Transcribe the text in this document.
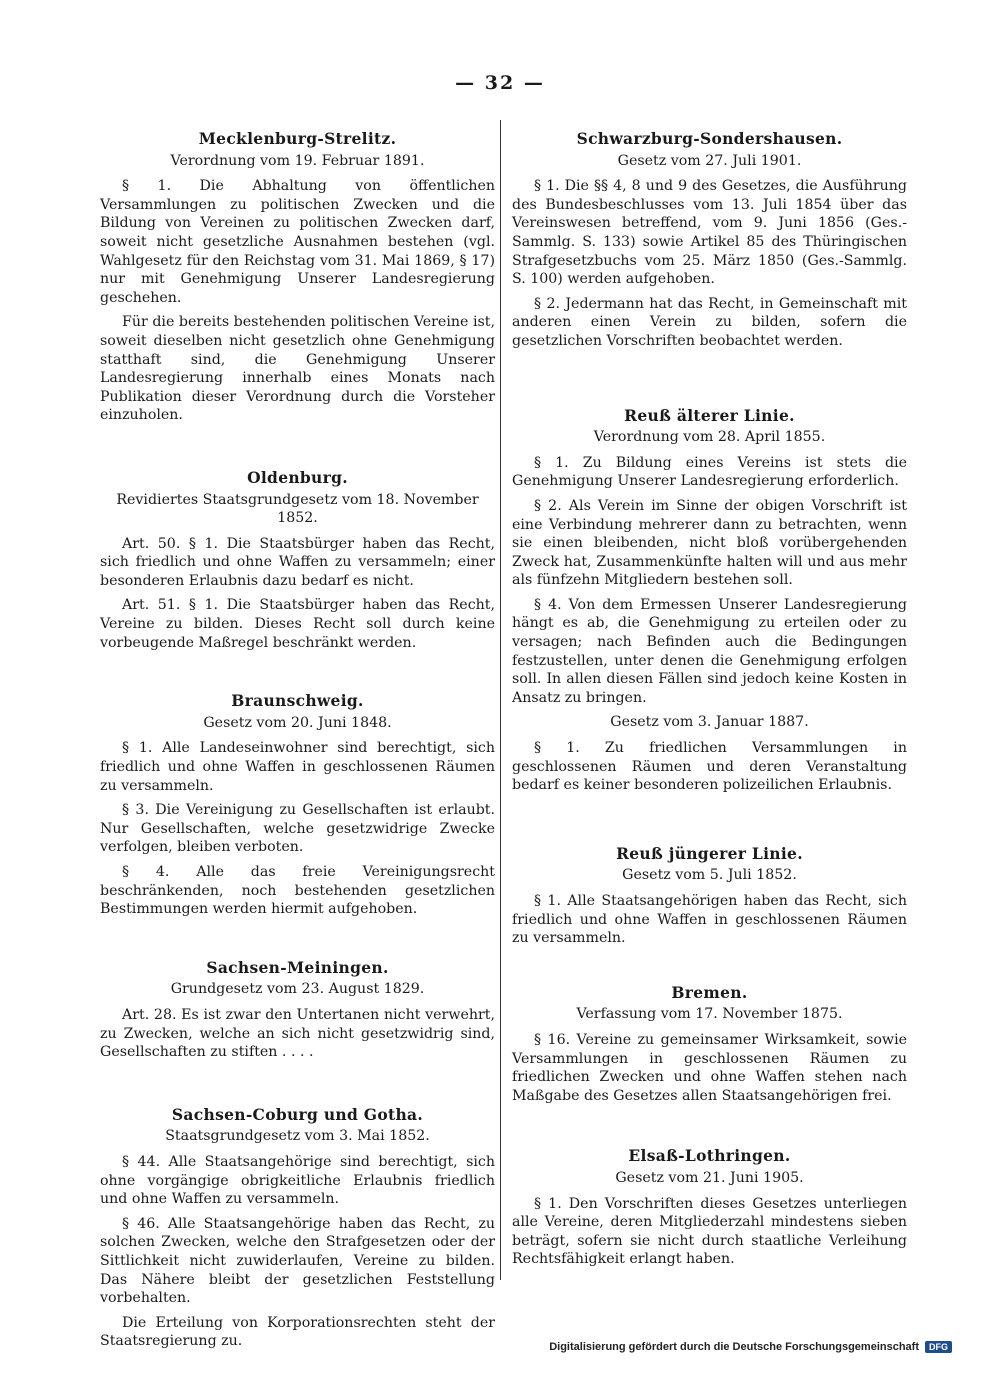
— 32 —
Mecklenburg-Strelitz.
Verordnung vom 19. Februar 1891.

§ 1. Die Abhaltung von öffentlichen Versammlungen zu politischen Zwecken und die Bildung von Vereinen zu politischen Zwecken darf, soweit nicht gesetzliche Ausnahmen bestehen (vgl. Wahlgesetz für den Reichstag vom 31. Mai 1869, § 17) nur mit Genehmigung Unserer Landesregierung geschehen.

Für die bereits bestehenden politischen Vereine ist, soweit dieselben nicht gesetzlich ohne Genehmigung statthaft sind, die Genehmigung Unserer Landesregierung innerhalb eines Monats nach Publikation dieser Verordnung durch die Vorsteher einzuholen.

Oldenburg.
Revidiertes Staatsgrundgesetz vom 18. November 1852.

Art. 50. § 1. Die Staatsbürger haben das Recht, sich friedlich und ohne Waffen zu versammeln; einer besonderen Erlaubnis dazu bedarf es nicht.

Art. 51. § 1. Die Staatsbürger haben das Recht, Vereine zu bilden. Dieses Recht soll durch keine vorbeugende Maßregel beschränkt werden.

Braunschweig.
Gesetz vom 20. Juni 1848.

§ 1. Alle Landeseinwohner sind berechtigt, sich friedlich und ohne Waffen in geschlossenen Räumen zu versammeln.

§ 3. Die Vereinigung zu Gesellschaften ist erlaubt. Nur Gesellschaften, welche gesetzwidrige Zwecke verfolgen, bleiben verboten.

§ 4. Alle das freie Vereinigungsrecht beschränkenden, noch bestehenden gesetzlichen Bestimmungen werden hiermit aufgehoben.

Sachsen-Meiningen.
Grundgesetz vom 23. August 1829.

Art. 28. Es ist zwar den Untertanen nicht verwehrt, zu Zwecken, welche an sich nicht gesetzwidrig sind, Gesellschaften zu stiften . . . .

Sachsen-Coburg und Gotha.
Staatsgrundgesetz vom 3. Mai 1852.

§ 44. Alle Staatsangehörige sind berechtigt, sich ohne vorgängige obrigkeitliche Erlaubnis friedlich und ohne Waffen zu versammeln.

§ 46. Alle Staatsangehörige haben das Recht, zu solchen Zwecken, welche den Strafgesetzen oder der Sittlichkeit nicht zuwiderlaufen, Vereine zu bilden. Das Nähere bleibt der gesetzlichen Feststellung vorbehalten.

Die Erteilung von Korporationsrechten steht der Staatsregierung zu.

Schwarzburg-Sondershausen.
Gesetz vom 27. Juli 1901.

§ 1. Die §§ 4, 8 und 9 des Gesetzes, die Ausführung des Bundesbeschlusses vom 13. Juli 1854 über das Vereinswesen betreffend, vom 9. Juni 1856 (Ges.-Sammlg. S. 133) sowie Artikel 85 des Thüringischen Strafgesetzbuchs vom 25. März 1850 (Ges.-Sammlg. S. 100) werden aufgehoben.

§ 2. Jedermann hat das Recht, in Gemeinschaft mit anderen einen Verein zu bilden, sofern die gesetzlichen Vorschriften beobachtet werden.

Reuß älterer Linie.
Verordnung vom 28. April 1855.

§ 1. Zu Bildung eines Vereins ist stets die Genehmigung Unserer Landesregierung erforderlich.

§ 2. Als Verein im Sinne der obigen Vorschrift ist eine Verbindung mehrerer dann zu betrachten, wenn sie einen bleibenden, nicht bloß vorübergehenden Zweck hat, Zusammenkünfte halten will und aus mehr als fünfzehn Mitgliedern bestehen soll.

§ 4. Von dem Ermessen Unserer Landesregierung hängt es ab, die Genehmigung zu erteilen oder zu versagen; nach Befinden auch die Bedingungen festzustellen, unter denen die Genehmigung erfolgen soll. In allen diesen Fällen sind jedoch keine Kosten in Ansatz zu bringen.

Gesetz vom 3. Januar 1887.

§ 1. Zu friedlichen Versammlungen in geschlossenen Räumen und deren Veranstaltung bedarf es keiner besonderen polizeilichen Erlaubnis.

Reuß jüngerer Linie.
Gesetz vom 5. Juli 1852.

§ 1. Alle Staatsangehörigen haben das Recht, sich friedlich und ohne Waffen in geschlossenen Räumen zu versammeln.

Bremen.
Verfassung vom 17. November 1875.

§ 16. Vereine zu gemeinsamer Wirksamkeit, sowie Versammlungen in geschlossenen Räumen zu friedlichen Zwecken und ohne Waffen stehen nach Maßgabe des Gesetzes allen Staatsangehörigen frei.

Elsaß-Lothringen.
Gesetz vom 21. Juni 1905.

§ 1. Den Vorschriften dieses Gesetzes unterliegen alle Vereine, deren Mitgliederzahl mindestens sieben beträgt, sofern sie nicht durch staatliche Verleihung Rechtsfähigkeit erlangt haben.

Digitalisierung gefördert durch die Deutsche Forschungsgemeinschaft	DFG
